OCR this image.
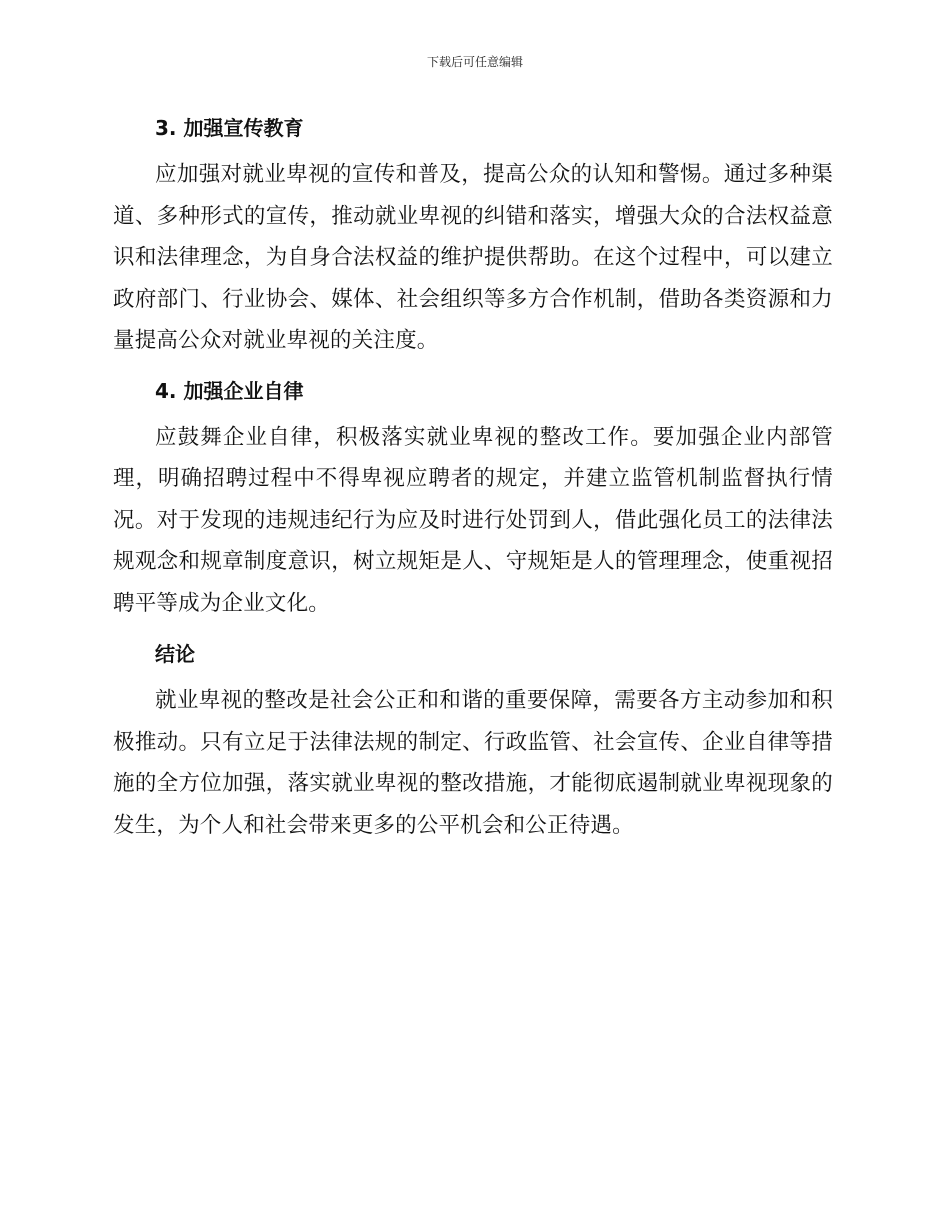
下载后可任意编辑
3. 加强宣传教育

应加强对就业卑视的宣传和普及，提高公众的认知和警惕。通过多种渠道、多种形式的宣传，推动就业卑视的纠错和落实，增强大众的合法权益意识和法律理念，为自身合法权益的维护提供帮助。在这个过程中，可以建立政府部门、行业协会、媒体、社会组织等多方合作机制，借助各类资源和力量提高公众对就业卑视的关注度。

4. 加强企业自律

应鼓舞企业自律，积极落实就业卑视的整改工作。要加强企业内部管理，明确招聘过程中不得卑视应聘者的规定，并建立监管机制监督执行情况。对于发现的违规违纪行为应及时进行处罚到人，借此强化员工的法律法规观念和规章制度意识，树立规矩是人、守规矩是人的管理理念，使重视招聘平等成为企业文化。

结论

就业卑视的整改是社会公正和和谐的重要保障，需要各方主动参加和积极推动。只有立足于法律法规的制定、行政监管、社会宣传、企业自律等措施的全方位加强，落实就业卑视的整改措施，才能彻底遏制就业卑视现象的发生，为个人和社会带来更多的公平机会和公正待遇。
